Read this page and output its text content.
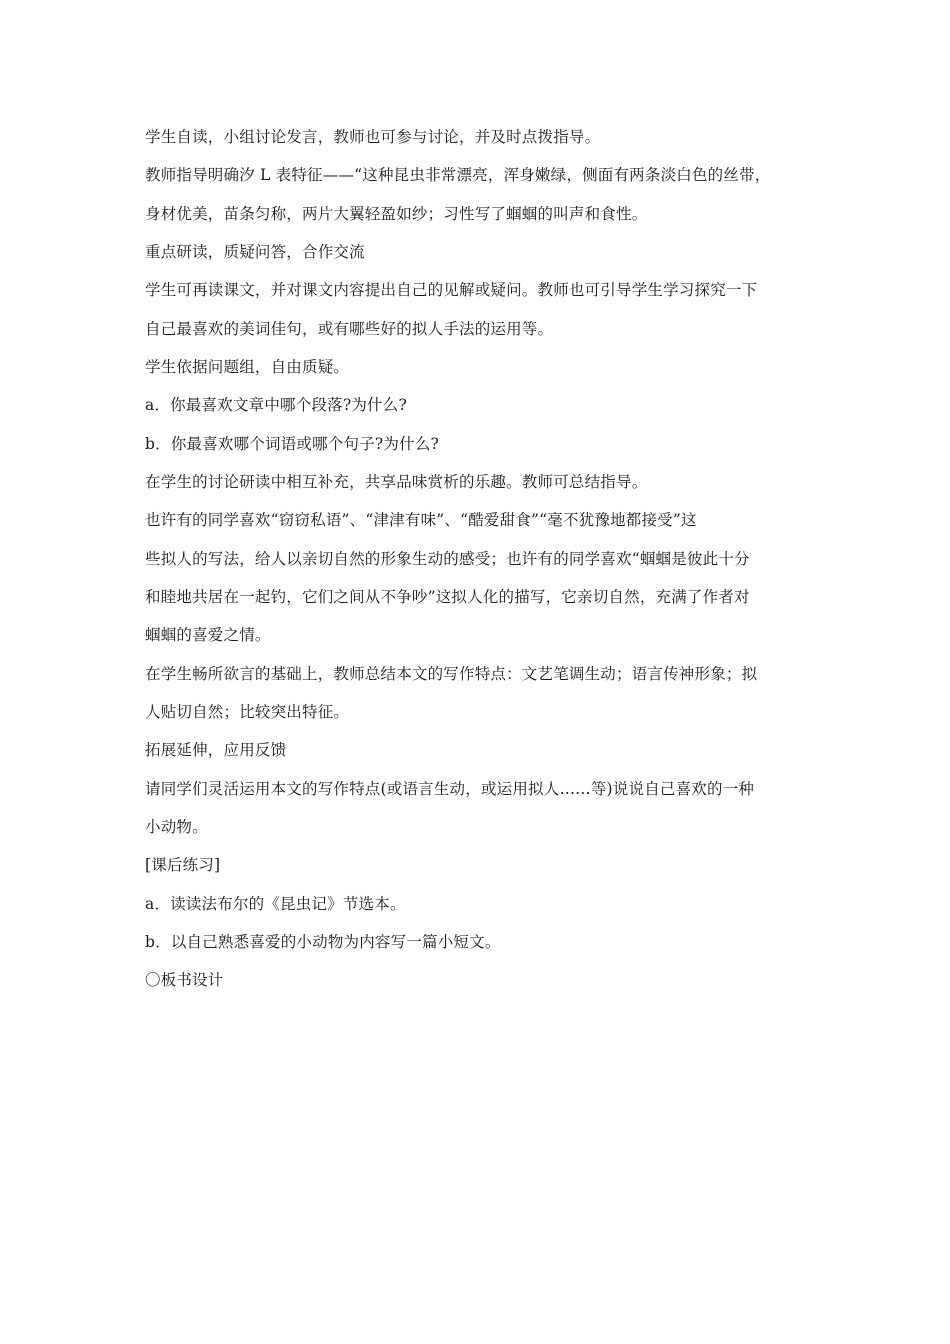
学生自读，小组讨论发言，教师也可参与讨论，并及时点拨指导。
教师指导明确汐 L 表特征——“这种昆虫非常漂亮，浑身嫩绿，侧面有两条淡白色的丝带，
身材优美，苗条匀称，两片大翼轻盈如纱；习性写了蝈蝈的叫声和食性。
重点研读，质疑问答，合作交流
学生可再读课文，并对课文内容提出自己的见解或疑问。教师也可引导学生学习探究一下
自己最喜欢的美词佳句，或有哪些好的拟人手法的运用等。
学生依据问题组，自由质疑。
a．你最喜欢文章中哪个段落?为什么?
b．你最喜欢哪个词语或哪个句子?为什么?
在学生的讨论研读中相互补充，共享品味赏析的乐趣。教师可总结指导。
也许有的同学喜欢“窃窃私语”、“津津有味”、“酷爱甜食”“毫不犹豫地都接受”这
些拟人的写法，给人以亲切自然的形象生动的感受；也许有的同学喜欢“蝈蝈是彼此十分
和睦地共居在一起钓，它们之间从不争吵”这拟人化的描写，它亲切自然，充满了作者对
蝈蝈的喜爱之情。
在学生畅所欲言的基础上，教师总结本文的写作特点：文艺笔调生动；语言传神形象；拟
人贴切自然；比较突出特征。
拓展延伸，应用反馈
请同学们灵活运用本文的写作特点(或语言生动，或运用拟人……等)说说自己喜欢的一种
小动物。
[课后练习]
a．读读法布尔的《昆虫记》节选本。
b．以自己熟悉喜爱的小动物为内容写一篇小短文。
〇板书设计
